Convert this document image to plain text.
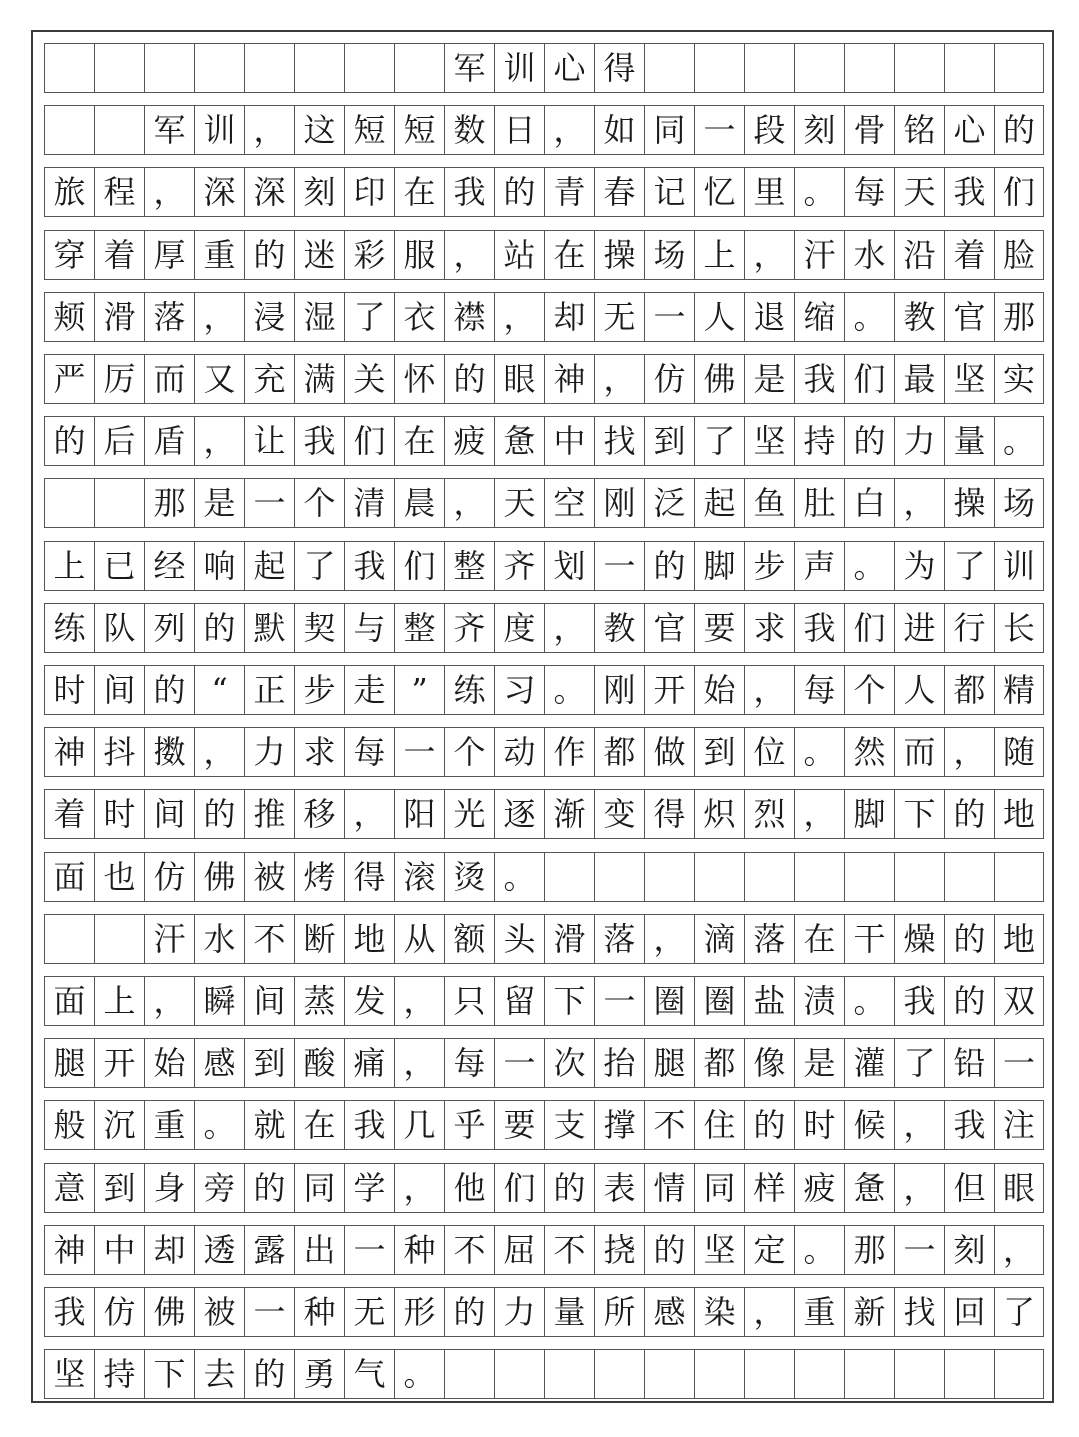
军 训 心 得
军 训 ， 这 短 短 数 日 ， 如 同 一 段 刻 骨 铭 心 的
旅 程 ， 深 深 刻 印 在 我 的 青 春 记 忆 里 。 每 天 我 们
穿 着 厚 重 的 迷 彩 服 ， 站 在 操 场 上 ， 汗 水 沿 着 脸
颊 滑 落 ， 浸 湿 了 衣 襟 ， 却 无 一 人 退 缩 。 教 官 那
严 厉 而 又 充 满 关 怀 的 眼 神 ， 仿 佛 是 我 们 最 坚 实
的 后 盾 ， 让 我 们 在 疲 惫 中 找 到 了 坚 持 的 力 量 。
那 是 一 个 清 晨 ， 天 空 刚 泛 起 鱼 肚 白 ， 操 场
上 已 经 响 起 了 我 们 整 齐 划 一 的 脚 步 声 。 为 了 训
练 队 列 的 默 契 与 整 齐 度 ， 教 官 要 求 我 们 进 行 长
时 间 的 “ 正 步 走 ” 练 习 。 刚 开 始 ， 每 个 人 都 精
神 抖 擞 ， 力 求 每 一 个 动 作 都 做 到 位 。 然 而 ， 随
着 时 间 的 推 移 ， 阳 光 逐 渐 变 得 炽 烈 ， 脚 下 的 地
面 也 仿 佛 被 烤 得 滚 烫 。
汗 水 不 断 地 从 额 头 滑 落 ， 滴 落 在 干 燥 的 地
面 上 ， 瞬 间 蒸 发 ， 只 留 下 一 圈 圈 盐 渍 。 我 的 双
腿 开 始 感 到 酸 痛 ， 每 一 次 抬 腿 都 像 是 灌 了 铅 一
般 沉 重 。 就 在 我 几 乎 要 支 撑 不 住 的 时 候 ， 我 注
意 到 身 旁 的 同 学 ， 他 们 的 表 情 同 样 疲 惫 ， 但 眼
神 中 却 透 露 出 一 种 不 屈 不 挠 的 坚 定 。 那 一 刻 ，
我 仿 佛 被 一 种 无 形 的 力 量 所 感 染 ， 重 新 找 回 了
坚 持 下 去 的 勇 气 。
